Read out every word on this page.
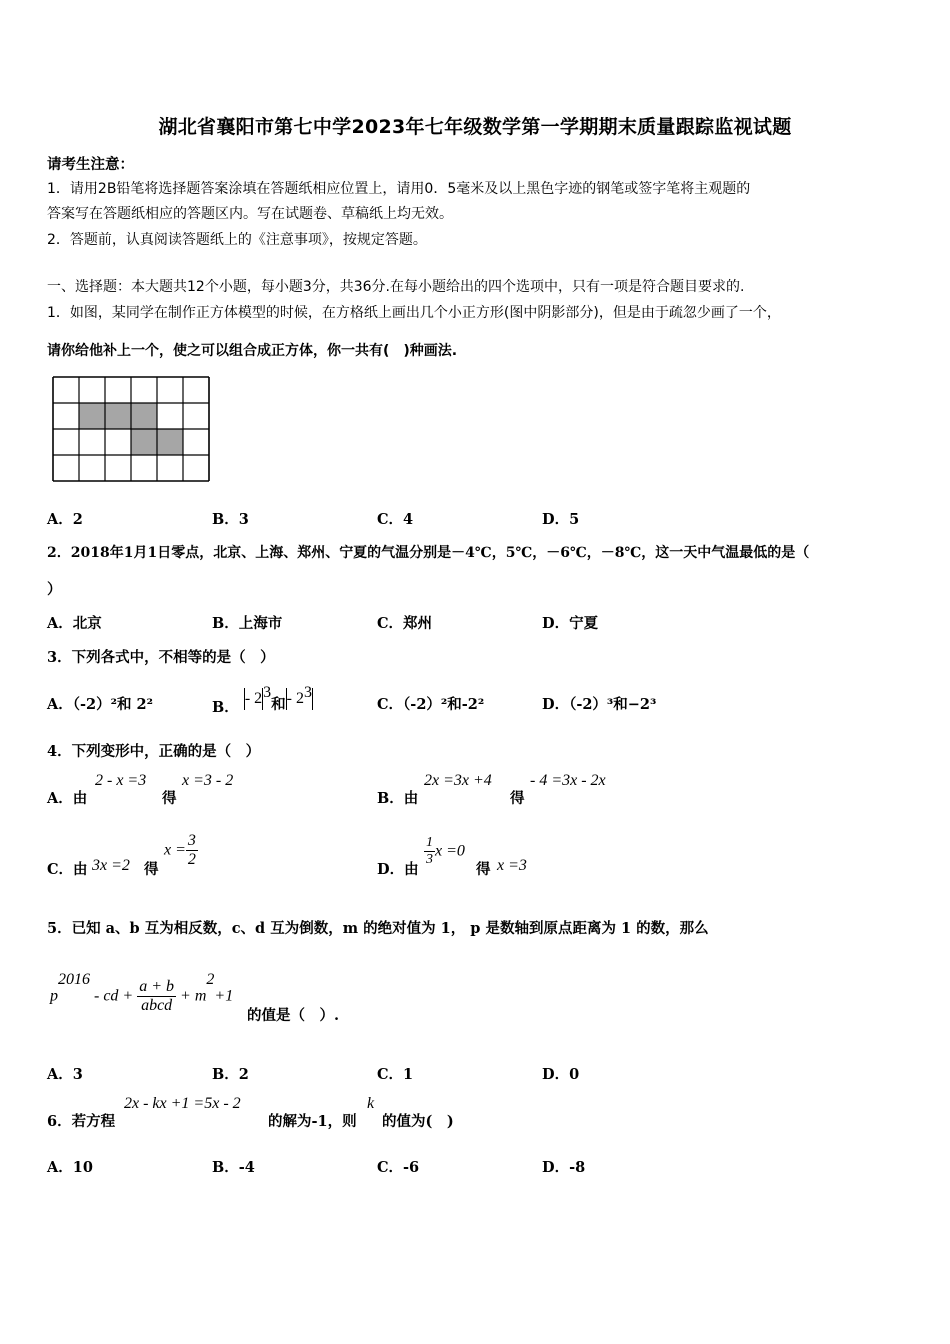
湖北省襄阳市第七中学2023年七年级数学第一学期期末质量跟踪监视试题
请考生注意：
1．请用2B铅笔将选择题答案涂填在答题纸相应位置上，请用0．5毫米及以上黑色字迹的钢笔或签字笔将主观题的
答案写在答题纸相应的答题区内。写在试题卷、草稿纸上均无效。
2．答题前，认真阅读答题纸上的《注意事项》，按规定答题。
一、选择题：本大题共12个小题，每小题3分，共36分.在每小题给出的四个选项中，只有一项是符合题目要求的.
1．如图，某同学在制作正方体模型的时候，在方格纸上画出几个小正方形(图中阴影部分)，但是由于疏忽少画了一个，
请你给他补上一个，使之可以组合成正方体，你一共有(　)种画法.
A．2	B．3	C．4	D．5
2．2018年1月1日零点，北京、上海、郑州、宁夏的气温分别是－4℃，5℃，－6℃，－8℃，这一天中气温最低的是（
）
A．北京	B．上海市	C．郑州	D．宁夏
3．下列各式中，不相等的是（　）
A．（-2）²和 2²	B． - $2^3$和- $2^3$
C．（-2）²和-2²	D．（-2）³和−2³
4．下列变形中，正确的是（　）
A．由
2 - x =3
得
x =3 - 2
B．由
2x =3x +4
得
- 4 =3x - 2x
C．由 3x =2 得
$x = \frac{3}{2}$
D．由
$\frac{1}{3}$ x =0
得 x =3
5．已知 a、b 互为相反数，c、d 互为倒数，m 的绝对值为 1， p 是数轴到原点距离为 1 的数，那么
$p^{2016}$ - cd + $\frac{a + b}{\text{abcd}} + m^2+1$
的值是（　）.
A．3	B．2	C．1	D．0
6．若方程
2x - kx +1 =5x - 2
的解为-1，则
k
的值为(　)
A．10	B．-4	C．-6	D．-8
